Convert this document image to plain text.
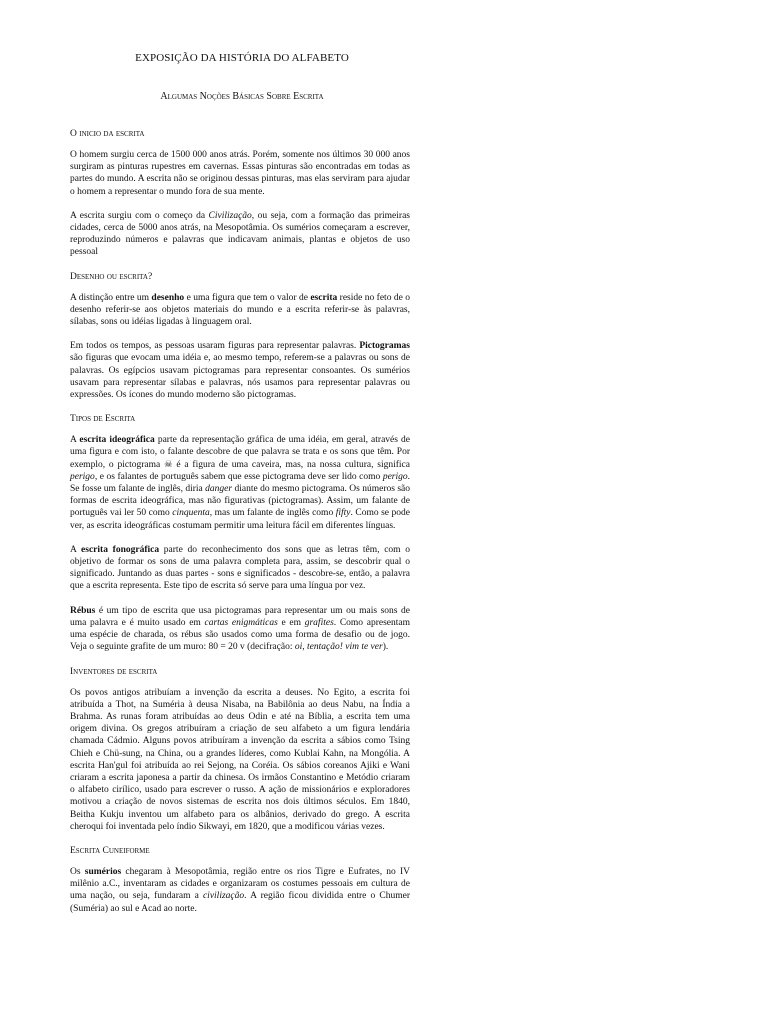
EXPOSIÇÃO DA HISTÓRIA DO ALFABETO
Algumas Noções Básicas Sobre Escrita
O inicio da escrita

O homem surgiu cerca de 1500 000 anos atrás. Porém, somente nos últimos 30 000 anos surgiram as pinturas rupestres em cavernas. Essas pinturas são encontradas em todas as partes do mundo. A escrita não se originou dessas pinturas, mas elas serviram para ajudar o homem a representar o mundo fora de sua mente.

A escrita surgiu com o começo da Civilização, ou seja, com a formação das primeiras cidades, cerca de 5000 anos atrás, na Mesopotâmia. Os sumérios começaram a escrever, reproduzindo números e palavras que indicavam animais, plantas e objetos de uso pessoal

Desenho ou escrita?

A distinção entre um desenho e uma figura que tem o valor de escrita reside no feto de o desenho referir-se aos objetos materiais do mundo e a escrita referir-se às palavras, sílabas, sons ou idéias ligadas à linguagem oral.

Em todos os tempos, as pessoas usaram figuras para representar palavras. Pictogramas são figuras que evocam uma idéia e, ao mesmo tempo, referem-se a palavras ou sons de palavras. Os egípcios usavam pictogramas para representar consoantes. Os sumérios usavam para representar sílabas e palavras, nós usamos para representar palavras ou expressões. Os ícones do mundo moderno são pictogramas.

Tipos de Escrita

A escrita ideográfica parte da representação gráfica de uma idéia, em geral, através de uma figura e com isto, o falante descobre de que palavra se trata e os sons que têm. Por exemplo, o pictograma ☠ é a figura de uma caveira, mas, na nossa cultura, significa perigo, e os falantes de português sabem que esse pictograma deve ser lido como perigo. Se fosse um falante de inglês, diria danger diante do mesmo pictograma. Os números são formas de escrita ideográfica, mas não figurativas (pictogramas). Assim, um falante de português vai ler 50 como cinquenta, mas um falante de inglês como fifty. Como se pode ver, as escrita ideográficas costumam permitir uma leitura fácil em diferentes línguas.

A escrita fonográfica parte do reconhecimento dos sons que as letras têm, com o objetivo de formar os sons de uma palavra completa para, assim, se descobrir qual o significado. Juntando as duas partes - sons e significados - descobre-se, então, a palavra que a escrita representa. Este tipo de escrita só serve para uma língua por vez.

Rébus é um tipo de escrita que usa pictogramas para representar um ou mais sons de uma palavra e é muito usado em cartas enigmáticas e em grafites. Como apresentam uma espécie de charada, os rébus são usados como uma forma de desafio ou de jogo. Veja o seguinte grafite de um muro: 80 = 20 v (decifração: oi, tentação! vim te ver).

Inventores de escrita

Os povos antigos atribuíam a invenção da escrita a deuses. No Egito, a escrita foi atribuída a Thot, na Suméria à deusa Nisaba, na Babilônia ao deus Nabu, na Índia a Brahma. As runas foram atribuídas ao deus Odin e até na Bíblia, a escrita tem uma origem divina. Os gregos atribuíram a criação de seu alfabeto a um figura lendária chamada Cádmio. Alguns povos atribuíram a invenção da escrita a sábios como Tsing Chieh e Chü-sung, na China, ou a grandes líderes, como Kublai Kahn, na Mongólia. A escrita Han'gul foi atribuída ao rei Sejong, na Coréia. Os sábios coreanos Ajiki e Wani criaram a escrita japonesa a partir da chinesa. Os irmãos Constantino e Metódio criaram o alfabeto cirílico, usado para escrever o russo. A ação de missionários e exploradores motivou a criação de novos sistemas de escrita nos dois últimos séculos. Em 1840, Beitha Kukju inventou um alfabeto para os albânios, derivado do grego. A escrita cheroqui foi inventada pelo índio Sikwayi, em 1820, que a modificou várias vezes.

Escrita Cuneiforme

Os sumérios chegaram à Mesopotâmia, região entre os rios Tigre e Eufrates, no IV milênio a.C., inventaram as cidades e organizaram os costumes pessoais em cultura de uma nação, ou seja, fundaram a civilização. A região ficou dividida entre o Chumer (Suméria) ao sul e Acad ao norte.
